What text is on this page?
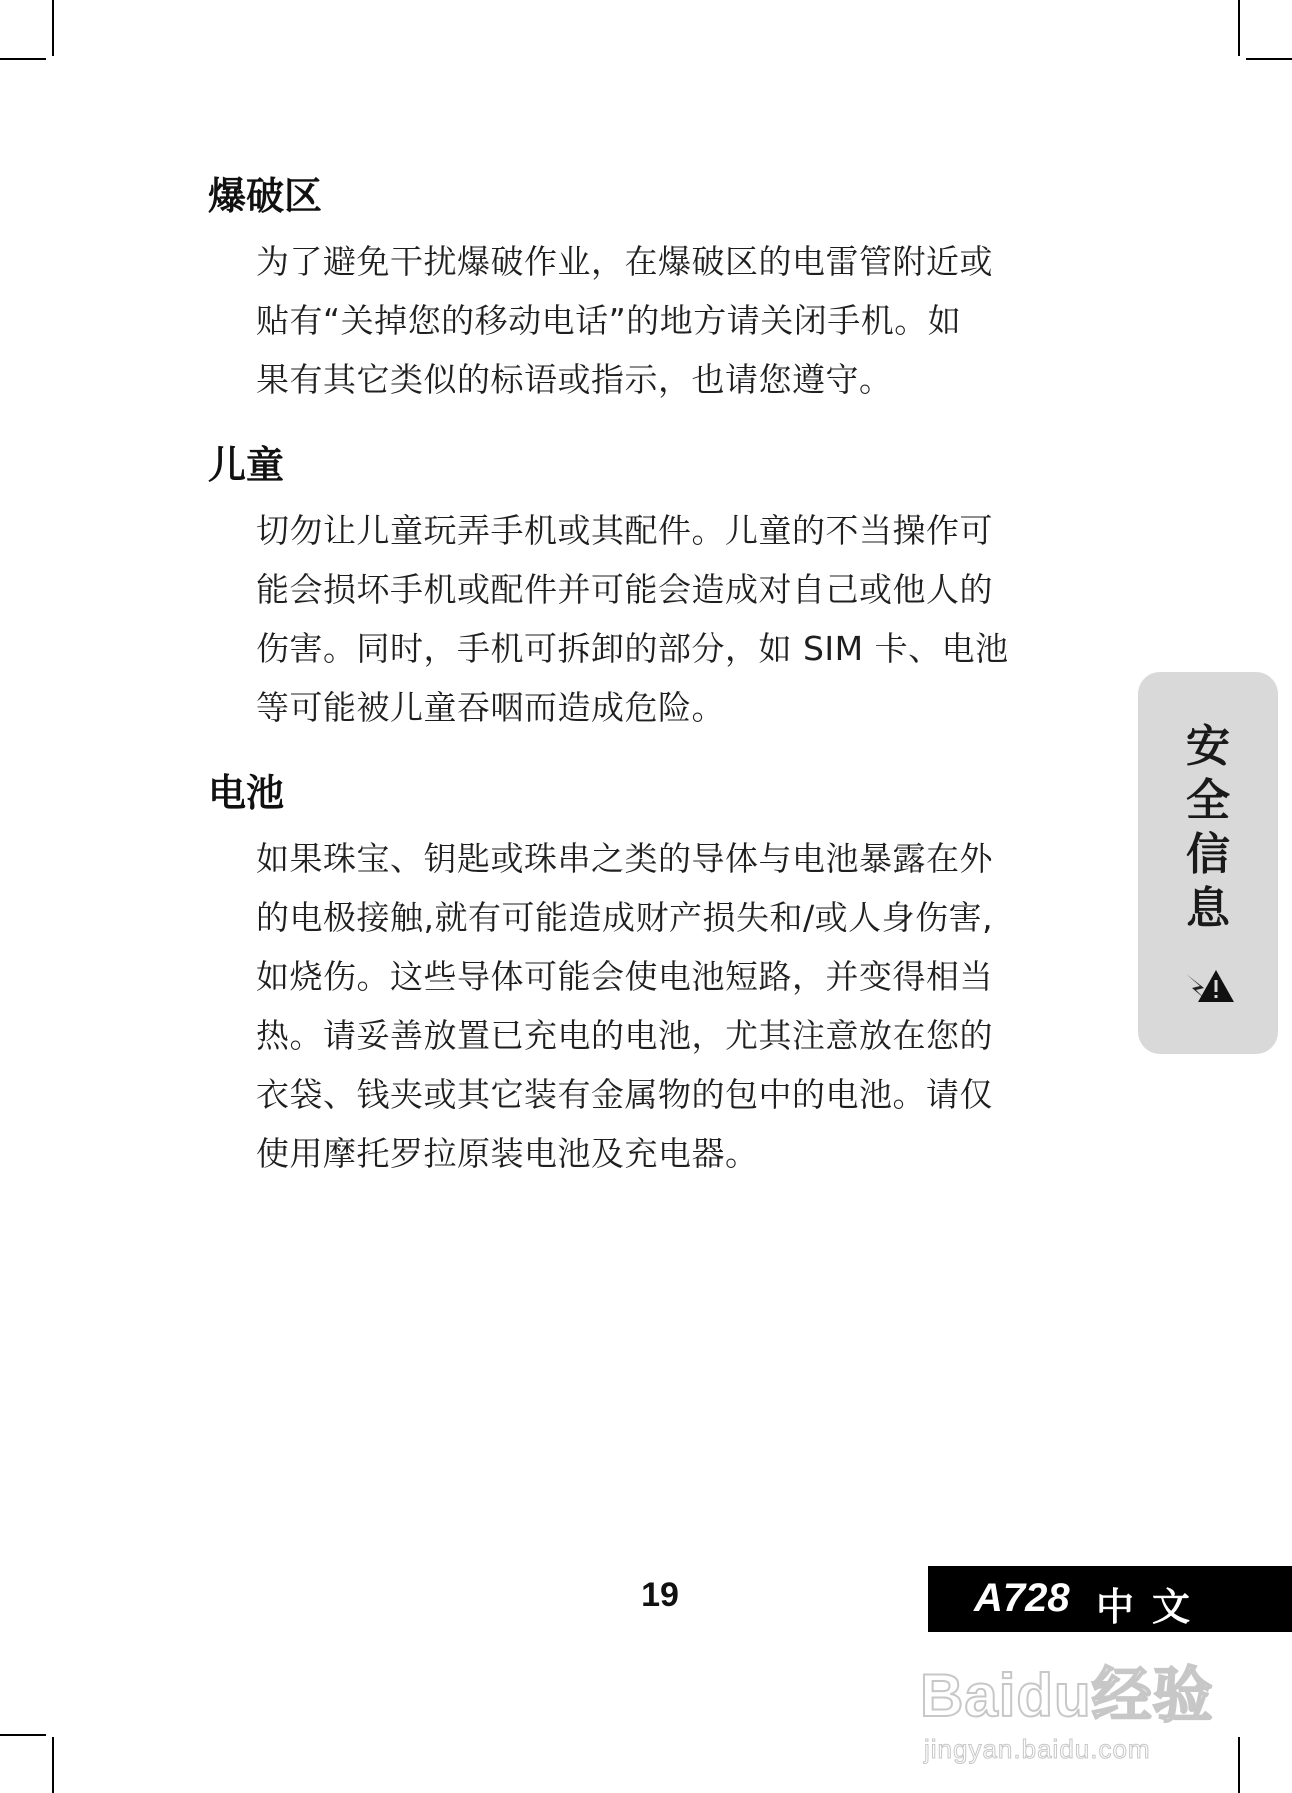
爆破区
为了避免干扰爆破作业，在爆破区的电雷管附近或
贴有“关掉您的移动电话”的地方请关闭手机。如
果有其它类似的标语或指示，也请您遵守。
儿童
切勿让儿童玩弄手机或其配件。儿童的不当操作可
能会损坏手机或配件并可能会造成对自己或他人的
伤害。同时，手机可拆卸的部分，如 SIM 卡、电池
等可能被儿童吞咽而造成危险。
电池
如果珠宝、钥匙或珠串之类的导体与电池暴露在外
的电极接触,就有可能造成财产损失和/或人身伤害,
如烧伤。这些导体可能会使电池短路，并变得相当
热。请妥善放置已充电的电池，尤其注意放在您的
衣袋、钱夹或其它装有金属物的包中的电池。请仅
使用摩托罗拉原装电池及充电器。
安
全
信
息
19	A728 中文
Baidu经验
jingyan.baidu.com
